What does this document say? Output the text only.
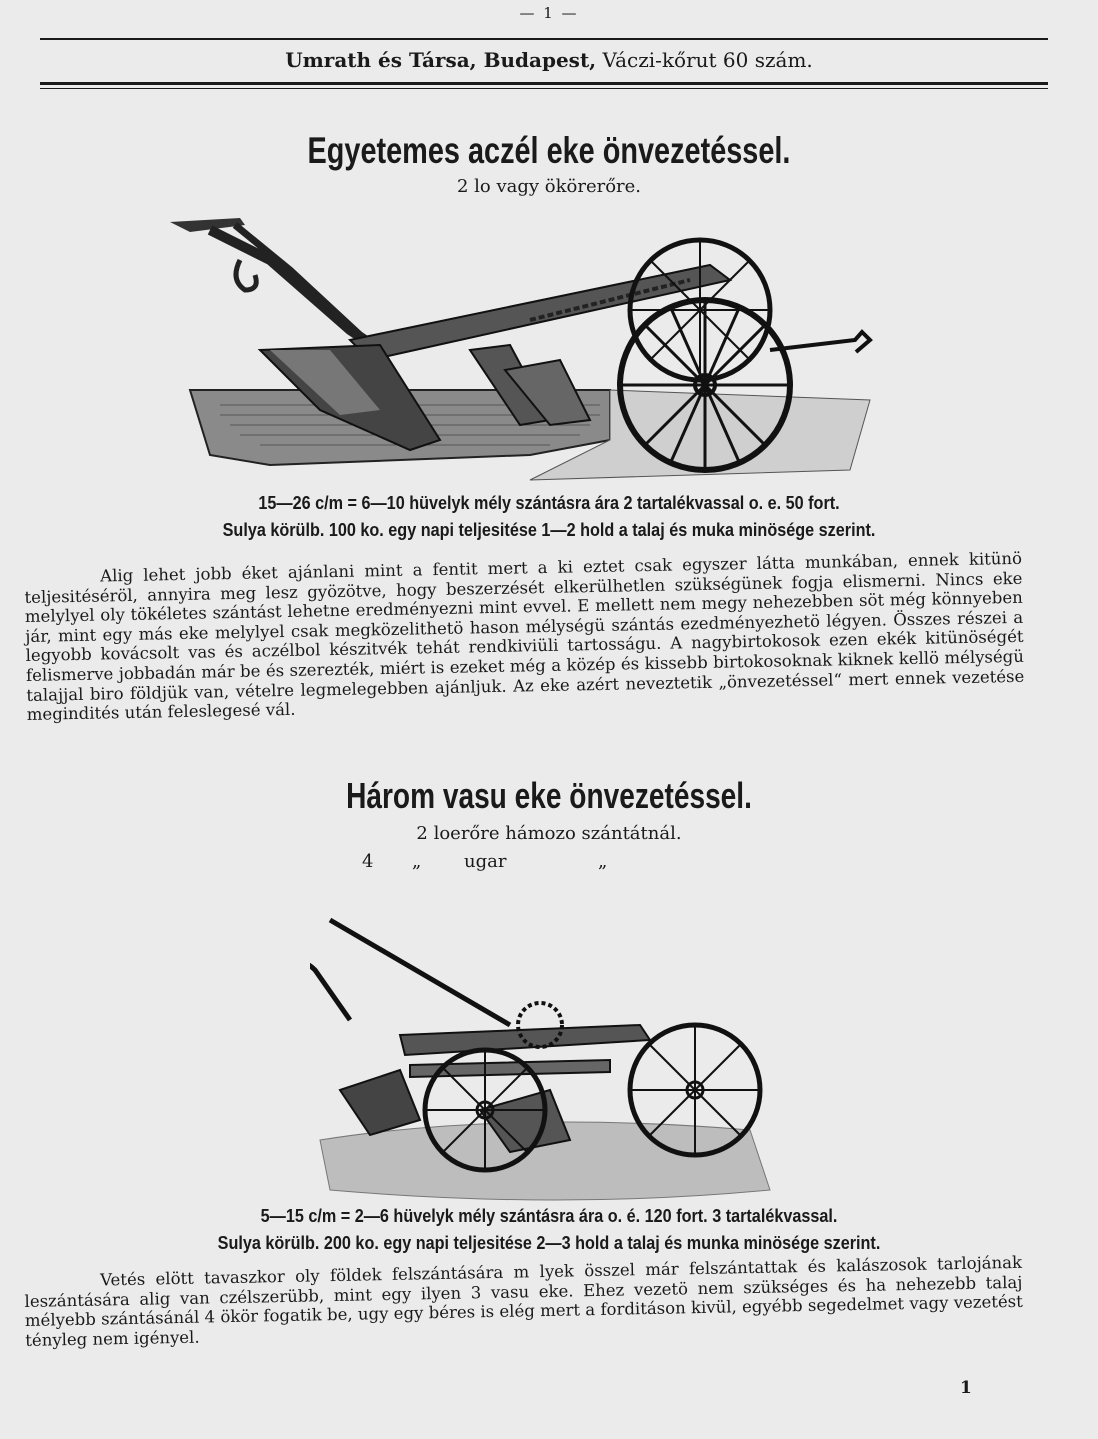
— 1 —
Umrath és Társa, Budapest, Váczi-kőrut 60 szám.
Egyetemes aczél eke önvezetéssel.
2 lo vagy ökörerőre.
15—26 c/m = 6—10 hüvelyk mély szántásra ára 2 tartalékvassal o. e. 50 fort.
Sulya körülb. 100 ko. egy napi teljesitése 1—2 hold a talaj és muka minösége szerint.

Alig lehet jobb éket ajánlani mint a fentit mert a ki eztet csak egyszer látta munkában, ennek kitünö teljesitéséröl, annyira meg lesz gyözötve, hogy beszerzését elkerülhetlen szükségünek fogja elismerni. Nincs eke melylyel oly tökéletes szántást lehetne eredményezni mint evvel. E mellett nem megy nehezebben söt még könnyeben jár, mint egy más eke melylyel csak megközelithetö hason mélységü szántás ezedményezhetö légyen. Összes részei a legyobb kovácsolt vas és aczélbol készitvék tehát rendkiviüli tartosságu. A nagybirtokosok ezen ekék kitünöségét felismerve jobbadán már be és szerezték, miért is ezeket még a közép és kissebb birtokosoknak kiknek kellö mélységü talajjal biro földjük van, vételre legmelegebben ajánljuk. Az eke azért neveztetik „önvezetéssel“ mert ennek vezetése megindités után feleslegesé vál.

Három vasu eke önvezetéssel.
2 loerőre hámozo szántátnál.
4 „ ugar	„
5—15 c/m = 2—6 hüvelyk mély szántásra ára o. é. 120 fort. 3 tartalékvassal.
Sulya körülb. 200 ko. egy napi teljesitése 2—3 hold a talaj és munka minösége szerint.

Vetés elött tavaszkor oly földek felszántására m lyek összel már felszántattak és kalászosok tarlojának leszántására alig van czélszerübb, mint egy ilyen 3 vasu eke. Ehez vezetö nem szükséges és ha nehezebb talaj mélyebb szántásánál 4 ökör fogatik be, ugy egy béres is elég mert a forditáson kivül, egyébb segedelmet vagy vezetést tényleg nem igényel.

1
